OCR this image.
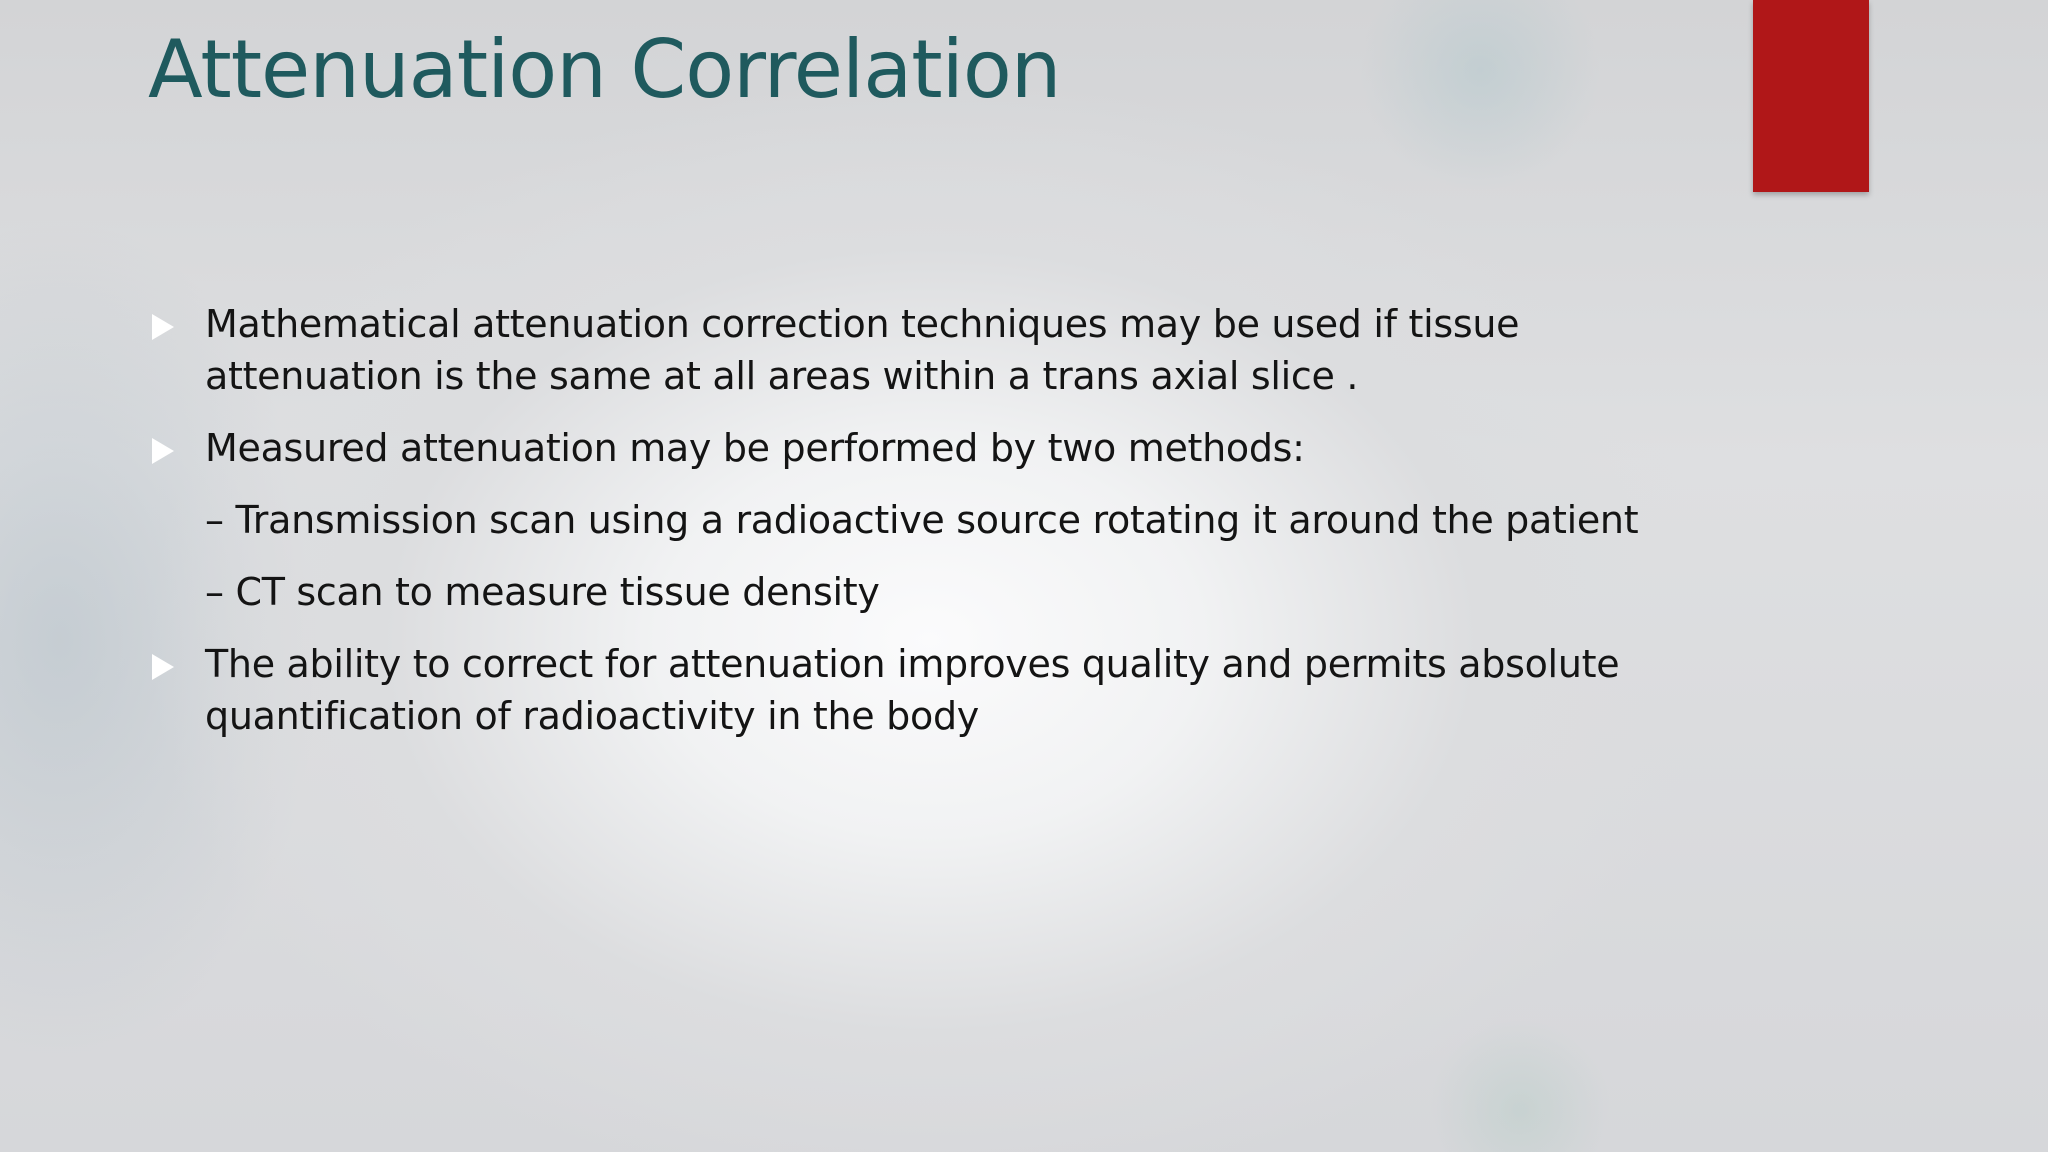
Attenuation Correlation
Mathematical attenuation correction techniques may be used if tissue attenuation is the same at all areas within a trans axial slice .
Measured attenuation may be performed by two methods:
– Transmission scan using a radioactive source rotating it around the patient
– CT scan to measure tissue density
The ability to correct for attenuation improves quality and permits absolute quantification of radioactivity in the body
